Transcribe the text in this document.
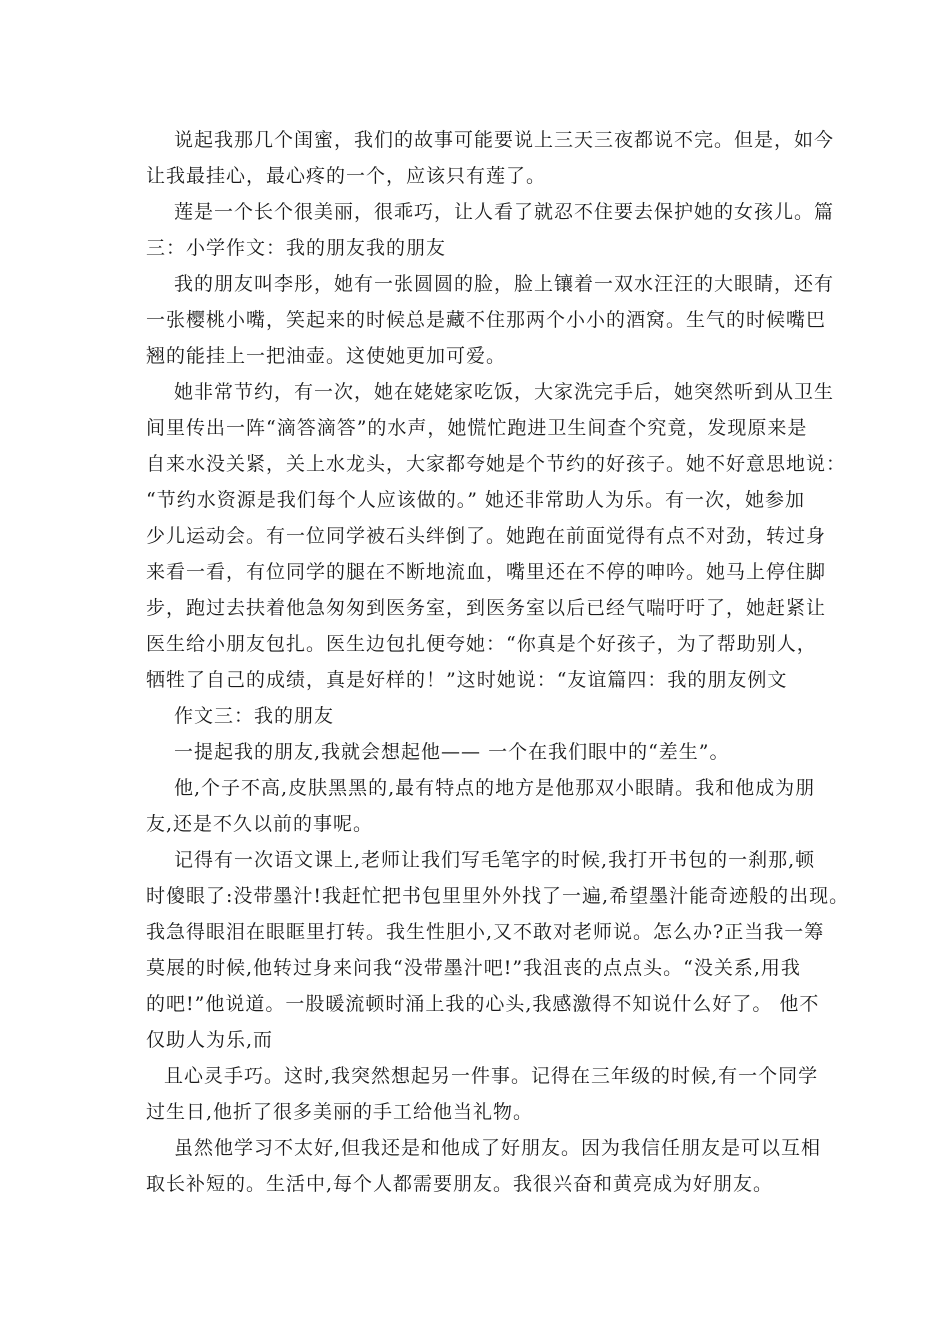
说起我那几个闺蜜，我们的故事可能要说上三天三夜都说不完。但是，如今
让我最挂心，最心疼的一个，应该只有莲了。
莲是一个长个很美丽，很乖巧，让人看了就忍不住要去保护她的女孩儿。篇
三：小学作文：我的朋友我的朋友
我的朋友叫李彤，她有一张圆圆的脸，脸上镶着一双水汪汪的大眼睛，还有
一张樱桃小嘴，笑起来的时候总是藏不住那两个小小的酒窝。生气的时候嘴巴
翘的能挂上一把油壶。这使她更加可爱。
她非常节约，有一次，她在姥姥家吃饭，大家洗完手后，她突然听到从卫生
间里传出一阵“滴答滴答”的水声，她慌忙跑进卫生间查个究竟，发现原来是
自来水没关紧，关上水龙头，大家都夸她是个节约的好孩子。她不好意思地说：
“节约水资源是我们每个人应该做的。” 她还非常助人为乐。有一次，她参加
少儿运动会。有一位同学被石头绊倒了。她跑在前面觉得有点不对劲，转过身
来看一看，有位同学的腿在不断地流血，嘴里还在不停的呻吟。她马上停住脚
步，跑过去扶着他急匆匆到医务室，到医务室以后已经气喘吁吁了，她赶紧让
医生给小朋友包扎。医生边包扎便夸她：“你真是个好孩子，为了帮助别人，
牺牲了自己的成绩，真是好样的！”这时她说：“友谊篇四：我的朋友例文
作文三：我的朋友
一提起我的朋友,我就会想起他—— 一个在我们眼中的“差生”。
他,个子不高,皮肤黑黑的,最有特点的地方是他那双小眼睛。我和他成为朋
友,还是不久以前的事呢。
记得有一次语文课上,老师让我们写毛笔字的时候,我打开书包的一刹那,顿
时傻眼了:没带墨汁!我赶忙把书包里里外外找了一遍,希望墨汁能奇迹般的出现。
我急得眼泪在眼眶里打转。我生性胆小,又不敢对老师说。怎么办?正当我一筹
莫展的时候,他转过身来问我“没带墨汁吧!”我沮丧的点点头。“没关系,用我
的吧!”他说道。一股暖流顿时涌上我的心头,我感激得不知说什么好了。 他不
仅助人为乐,而
且心灵手巧。这时,我突然想起另一件事。记得在三年级的时候,有一个同学
过生日,他折了很多美丽的手工给他当礼物。
虽然他学习不太好,但我还是和他成了好朋友。因为我信任朋友是可以互相
取长补短的。生活中,每个人都需要朋友。我很兴奋和黄亮成为好朋友。
